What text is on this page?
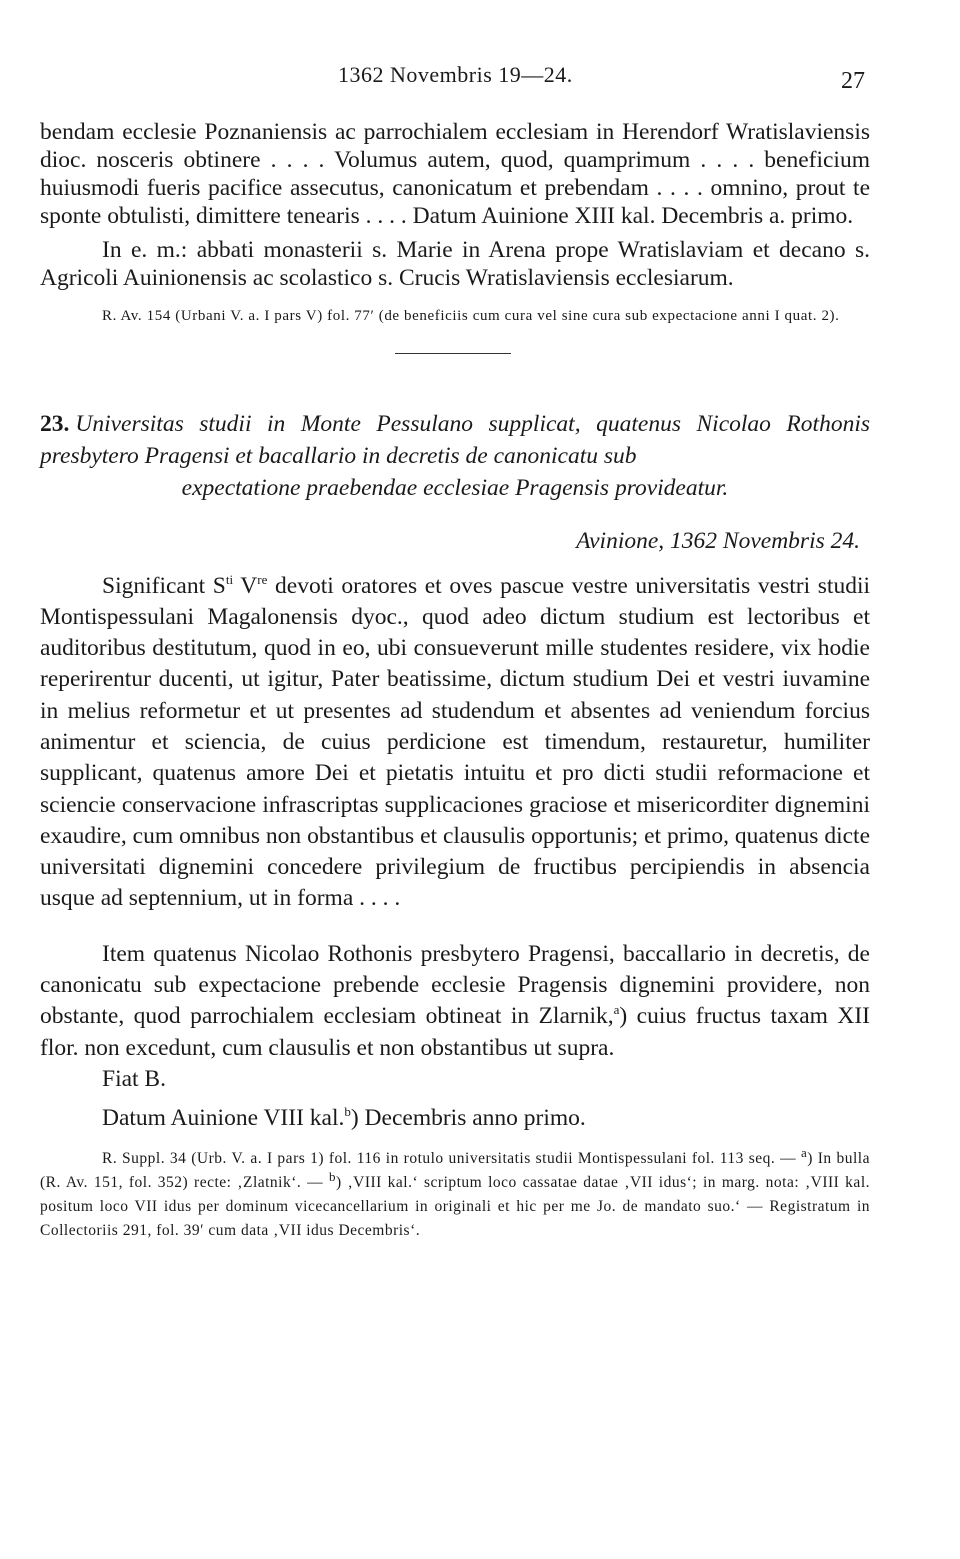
1362 Novembris 19—24.	27

bendam ecclesie Poznaniensis ac parrochialem ecclesiam in Herendorf Wratislaviensis dioc. nosceris obtinere . . . . Volumus autem, quod, quamprimum . . . . beneficium huiusmodi fueris pacifice assecutus, canonicatum et prebendam . . . . omnino, prout te sponte obtulisti, dimittere tenearis . . . . Datum Auinione XIII kal. Decembris a. primo.

In e. m.: abbati monasterii s. Marie in Arena prope Wratislaviam et decano s. Agricoli Auinionensis ac scolastico s. Crucis Wratislaviensis ecclesiarum.

R. Av. 154 (Urbani V. a. I pars V) fol. 77′ (de beneficiis cum cura vel sine cura sub expectacione anni I quat. 2).

23. Universitas studii in Monte Pessulano supplicat, quatenus Nicolao Rothonis presbytero Pragensi et bacallario in decretis de canonicatu sub

expectatione praebendae ecclesiae Pragensis provideatur.

Avinione, 1362 Novembris 24.

Significant $S^{ti}$ Vre devoti oratores et oves pascue vestre universitatis vestri studii Montispessulani Magalonensis dyoc., quod adeo dictum studium est lectoribus et auditoribus destitutum, quod in eo, ubi consueverunt mille studentes residere, vix hodie reperirentur ducenti, ut igitur, Pater beatissime, dictum studium Dei et vestri iuvamine in melius reformetur et ut presentes ad studendum et absentes ad veniendum forcius animentur et sciencia, de cuius perdicione est timendum, restauretur, humiliter supplicant, quatenus amore Dei et pietatis intuitu et pro dicti studii reformacione et sciencie conservacione infrascriptas supplicaciones graciose et misericorditer dignemini exaudire, cum omnibus non obstantibus et clausulis opportunis; et primo, quatenus dicte universitati dignemini concedere privilegium de fructibus percipiendis in absencia usque ad septennium, ut in forma . . . .

Item quatenus Nicolao Rothonis presbytero Pragensi, baccallario in decretis, de canonicatu sub expectacione prebende ecclesie Pragensis dignemini providere, non obstante, quod parrochialem ecclesiam obtineat in Zlarnik,$^a$) cuius fructus taxam XII flor. non excedunt, cum clausulis et non obstantibus ut supra.

Fiat B.

Datum Auinione VIII kal.$^b$) Decembris anno primo.

R. Suppl. 34 (Urb. V. a. I pars 1) fol. 116 in rotulo universitatis studii Montispessulani fol. 113 seq. — $^a$) In bulla (R. Av. 151, fol. 352) recte: ‚Zlatnik‘. — $^b$) ‚VIII kal.‘ scriptum loco cassatae datae ‚VII idus‘; in marg. nota: ‚VIII kal. positum loco VII idus per dominum vicecancellarium in originali et hic per me Jo. de mandato suo.‘ — Registratum in Collectoriis 291, fol. 39′ cum data ‚VII idus Decembris‘.
